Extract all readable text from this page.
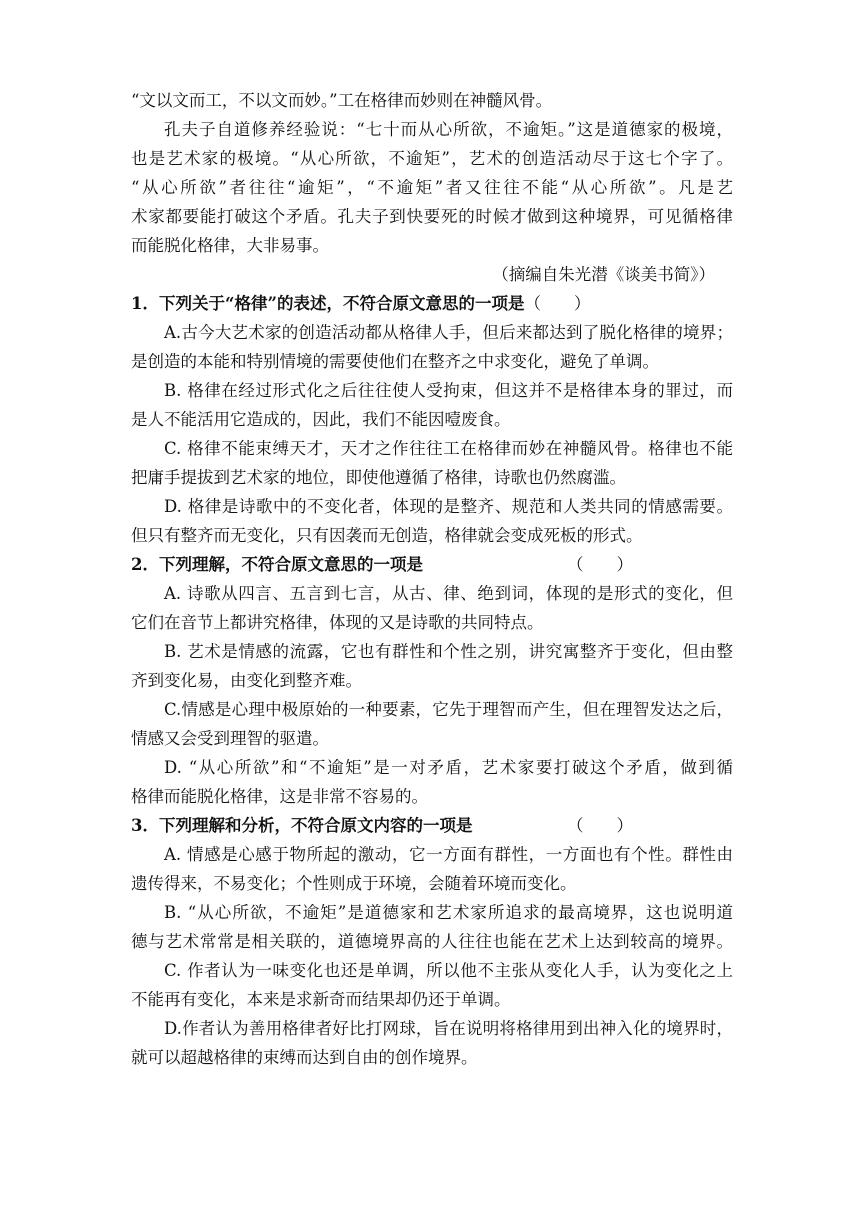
“文以文而工，不以文而妙。”工在格律而妙则在神髓风骨。
孔夫子自道修养经验说：“七十而从心所欲，不逾矩。”这是道德家的极境，
也是艺术家的极境。“从心所欲，不逾矩”，艺术的创造活动尽于这七个字了。
“从心所欲”者往往“逾矩”，“不逾矩”者又往往不能“从心所欲”。凡是艺
术家都要能打破这个矛盾。孔夫子到快要死的时候才做到这种境界，可见循格律
而能脱化格律，大非易事。
（摘编自朱光潜《谈美书简》）
1．下列关于“格律”的表述，不符合原文意思的一项是 （　　）
A.古今大艺术家的创造活动都从格律人手，但后来都达到了脱化格律的境界；
是创造的本能和特别情境的需要使他们在整齐之中求变化，避免了单调。
B. 格律在经过形式化之后往往使人受拘束，但这并不是格律本身的罪过，而
是人不能活用它造成的，因此，我们不能因噎废食。
C. 格律不能束缚天才，天才之作往往工在格律而妙在神髓风骨。格律也不能
把庸手提拔到艺术家的地位，即使他遵循了格律，诗歌也仍然腐滥。
D. 格律是诗歌中的不变化者，体现的是整齐、规范和人类共同的情感需要。
但只有整齐而无变化，只有因袭而无创造，格律就会变成死板的形式。
2．下列理解，不符合原文意思的一项是	（　　）
A. 诗歌从四言、五言到七言，从古、律、绝到词，体现的是形式的变化，但
它们在音节上都讲究格律，体现的又是诗歌的共同特点。
B. 艺术是情感的流露，它也有群性和个性之别，讲究寓整齐于变化，但由整
齐到变化易，由变化到整齐难。
C.情感是心理中极原始的一种要素，它先于理智而产生，但在理智发达之后，
情感又会受到理智的驱遣。
D. “从心所欲”和“不逾矩”是一对矛盾，艺术家要打破这个矛盾，做到循
格律而能脱化格律，这是非常不容易的。
3．下列理解和分析，不符合原文内容的一项是	（　　）
A. 情感是心感于物所起的激动，它一方面有群性，一方面也有个性。群性由
遗传得来，不易变化；个性则成于环境，会随着环境而变化。
B. “从心所欲，不逾矩”是道德家和艺术家所追求的最高境界，这也说明道
德与艺术常常是相关联的，道德境界高的人往往也能在艺术上达到较高的境界。
C. 作者认为一味变化也还是单调，所以他不主张从变化人手，认为变化之上
不能再有变化，本来是求新奇而结果却仍还于单调。
D.作者认为善用格律者好比打网球，旨在说明将格律用到出神入化的境界时，
就可以超越格律的束缚而达到自由的创作境界。
